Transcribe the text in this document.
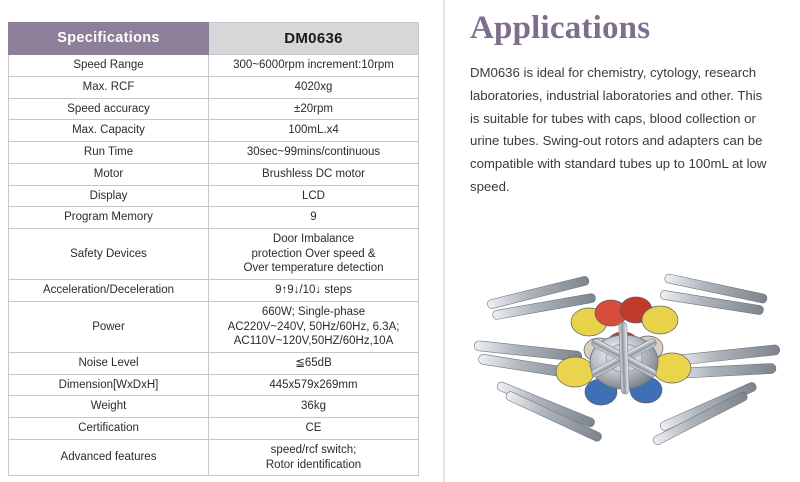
Specifications	DM0636
Speed Range	300~6000rpm increment:10rpm
Max. RCF	4020xg
Speed accuracy	±20rpm
Max. Capacity	100mL.x4
Run Time	30sec~99mins/continuous
Motor	Brushless DC motor
Display	LCD
Program Memory	9
Safety Devices	Door Imbalance
protection Over speed &
Over temperature detection

Acceleration/Deceleration	9↑9↓/10↓ steps
Power	660W; Single-phase
AC220V~240V, 50Hz/60Hz, 6.3A;
AC110V~120V,50HZ/60Hz,10A

Noise Level	≦65dB
Dimension[WxDxH]	445x579x269mm
Weight	36kg
Certification	CE
Advanced features	speed/rcf switch;
Rotor identification
Applications

DM0636 is ideal for chemistry, cytology, research laboratories, industrial laboratories and other. This is suitable for tubes with caps, blood collection or urine tubes. Swing-out rotors and adapters can be compatible with standard tubes up to 100mL at low speed.
